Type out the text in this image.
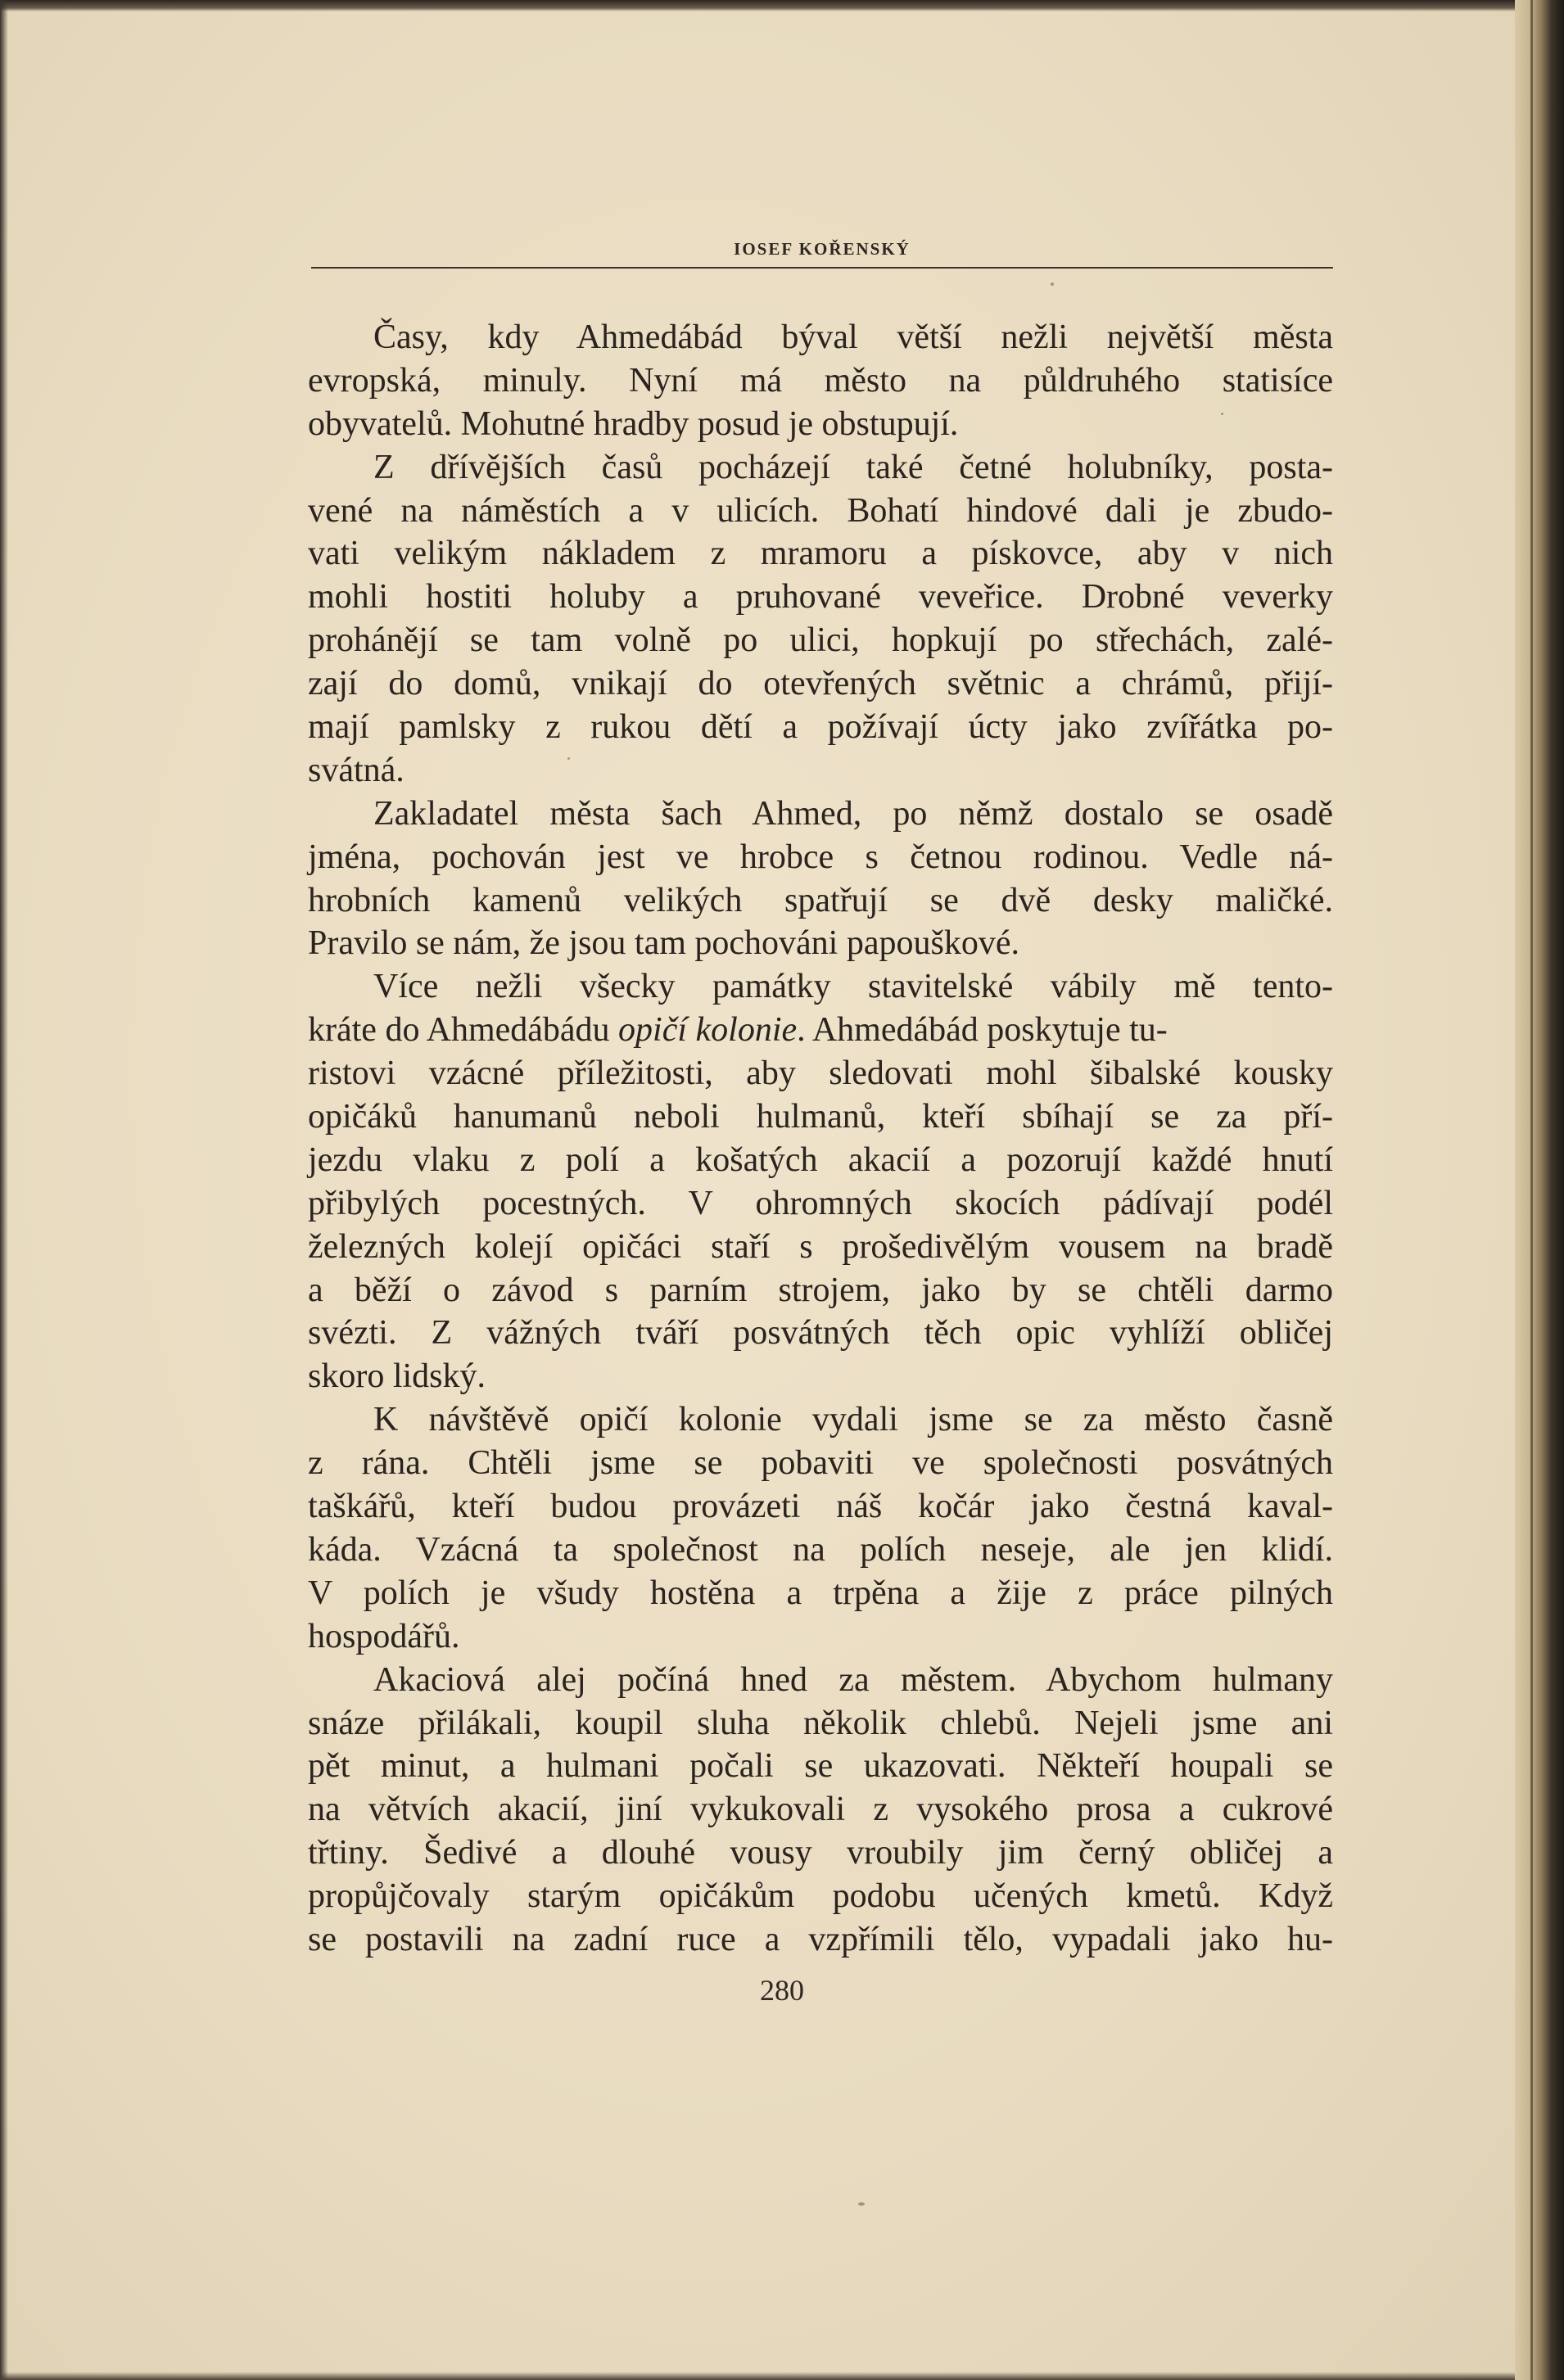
IOSEF KOŘENSKÝ
Časy, kdy Ahmedábád býval větší nežli největší města
evropská, minuly. Nyní má město na půldruhého statisíce
obyvatelů. Mohutné hradby posud je obstupují.
Z dřívějších časů pocházejí také četné holubníky, posta-
vené na náměstích a v ulicích. Bohatí hindové dali je zbudo-
vati velikým nákladem z mramoru a pískovce, aby v nich
mohli hostiti holuby a pruhované veveřice. Drobné veverky
prohánějí se tam volně po ulici, hopkují po střechách, zalé-
zají do domů, vnikají do otevřených světnic a chrámů, přijí-
mají pamlsky z rukou dětí a požívají úcty jako zvířátka po-
svátná.
Zakladatel města šach Ahmed, po němž dostalo se osadě
jména, pochován jest ve hrobce s četnou rodinou. Vedle ná-
hrobních kamenů velikých spatřují se dvě desky maličké.
Pravilo se nám, že jsou tam pochováni papouškové.
Více nežli všecky památky stavitelské vábily mě tento-
kráte do Ahmedábádu opičí kolonie. Ahmedábád poskytuje tu-
ristovi vzácné příležitosti, aby sledovati mohl šibalské kousky
opičáků hanumanů neboli hulmanů, kteří sbíhají se za pří-
jezdu vlaku z polí a košatých akacií a pozorují každé hnutí
přibylých pocestných. V ohromných skocích pádívají podél
železných kolejí opičáci staří s prošedivělým vousem na bradě
a běží o závod s parním strojem, jako by se chtěli darmo
svézti. Z vážných tváří posvátných těch opic vyhlíží obličej
skoro lidský.
K návštěvě opičí kolonie vydali jsme se za město časně
z rána. Chtěli jsme se pobaviti ve společnosti posvátných
taškářů, kteří budou provázeti náš kočár jako čestná kaval-
káda. Vzácná ta společnost na polích neseje, ale jen klidí.
V polích je všudy hostěna a trpěna a žije z práce pilných
hospodářů.
Akaciová alej počíná hned za městem. Abychom hulmany
snáze přilákali, koupil sluha několik chlebů. Nejeli jsme ani
pět minut, a hulmani počali se ukazovati. Někteří houpali se
na větvích akacií, jiní vykukovali z vysokého prosa a cukrové
třtiny. Šedivé a dlouhé vousy vroubily jim černý obličej a
propůjčovaly starým opičákům podobu učených kmetů. Když
se postavili na zadní ruce a vzpřímili tělo, vypadali jako hu-
280
